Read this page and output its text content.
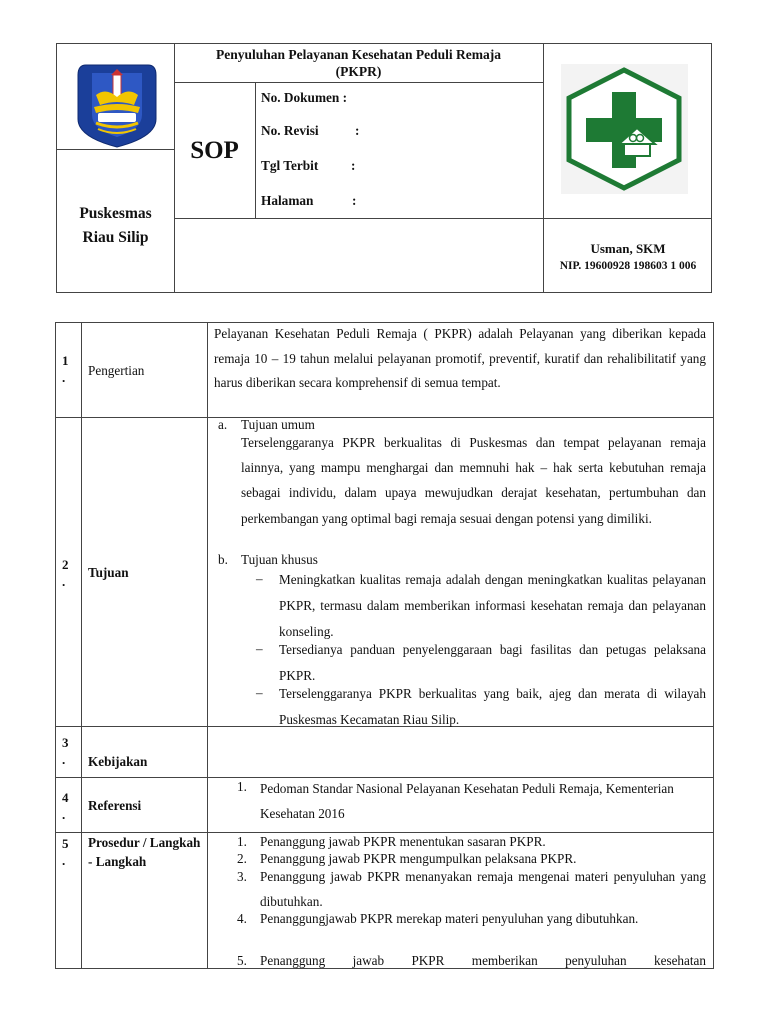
Puskesmas
Riau Silip
Penyuluhan Pelayanan Kesehatan Peduli Remaja
(PKPR)
SOP
No. Dokumen :
No. Revisi	:
Tgl Terbit :
Halaman	:
Usman, SKM
NIP. 19600928 198603 1 006
1
. Pengertian
Pelayanan Kesehatan Peduli Remaja ( PKPR) adalah Pelayanan yang diberikan kepada remaja 10 – 19 tahun melalui pelayanan promotif, preventif, kuratif dan rehalibilitatif yang harus diberikan secara komprehensif di semua tempat.
2
.
Tujuan
a. Tujuan umum
Terselenggaranya PKPR berkualitas di Puskesmas dan tempat pelayanan remaja lainnya, yang mampu menghargai dan memnuhi hak – hak serta kebutuhan remaja sebagai individu, dalam upaya mewujudkan derajat kesehatan, pertumbuhan dan perkembangan yang optimal bagi remaja sesuai dengan potensi yang dimiliki.
b. Tujuan khusus
– Meningkatkan kualitas remaja adalah dengan meningkatkan kualitas pelayanan PKPR, termasu dalam memberikan informasi kesehatan remaja dan pelayanan konseling.
– Tersedianya panduan penyelenggaraan bagi fasilitas dan petugas pelaksana PKPR.
– Terselenggaranya PKPR berkualitas yang baik, ajeg dan merata di wilayah Puskesmas Kecamatan Riau Silip.
3
. Kebijakan
4
.
Referensi
1. Pedoman Standar Nasional Pelayanan Kesehatan Peduli Remaja, Kementerian Kesehatan 2016
5
.
Prosedur / Langkah - Langkah
1. Penanggung jawab PKPR menentukan sasaran PKPR.
2. Penanggung jawab PKPR mengumpulkan pelaksana PKPR.
3. Penanggung jawab PKPR menanyakan remaja mengenai materi penyuluhan yang dibutuhkan.
4. Penanggungjawab PKPR merekap materi penyuluhan yang dibutuhkan.
5. Penanggung jawab PKPR memberikan penyuluhan kesehatan
